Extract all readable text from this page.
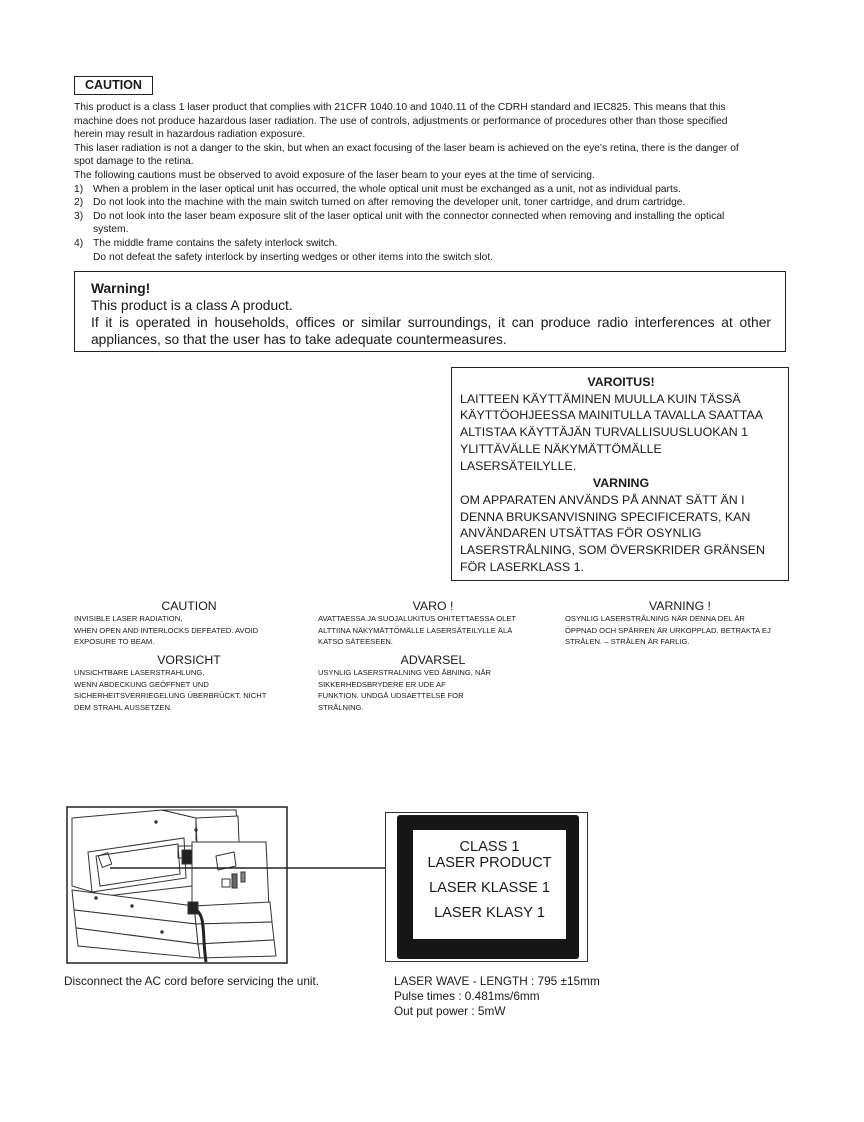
CAUTION

This product is a class 1 laser product that complies with 21CFR 1040.10 and 1040.11 of the CDRH standard and IEC825. This means that this

machine does not produce hazardous laser radiation. The use of controls, adjustments or performance of procedures other than those specified

herein may result in hazardous radiation exposure.

This laser radiation is not a danger to the skin, but when an exact focusing of the laser beam is achieved on the eye's retina, there is the danger of

spot damage to the retina.

The following cautions must be observed to avoid exposure of the laser beam to your eyes at the time of servicing.

1) When a problem in the laser optical unit has occurred, the whole optical unit must be exchanged as a unit, not as individual parts.
2) Do not look into the machine with the main switch turned on after removing the developer unit, toner cartridge, and drum cartridge.
3) Do not look into the laser beam exposure slit of the laser optical unit with the connector connected when removing and installing the optical
system.
4) The middle frame contains the safety interlock switch.
Do not defeat the safety interlock by inserting wedges or other items into the switch slot.
Warning!
This product is a class A product.
If it is operated in households, offices or similar surroundings, it can produce radio interferences at other
appliances, so that the user has to take adequate countermeasures.
VAROITUS!
LAITTEEN KÄYTTÄMINEN MUULLA KUIN TÄSSÄ
KÄYTTÖOHJEESSA MAINITULLA TAVALLA SAATTAA
ALTISTAA KÄYTTÄJÄN TURVALLISUUSLUOKAN 1
YLITTÄVÄLLE NÄKYMÄTTÖMÄLLE
LASERSÄTEILYLLE.
VARNING
OM APPARATEN ANVÄNDS PÅ ANNAT SÄTT ÄN I
DENNA BRUKSANVISNING SPECIFICERATS, KAN
ANVÄNDAREN UTSÄTTAS FÖR OSYNLIG
LASERSTRÅLNING, SOM ÖVERSKRIDER GRÄNSEN
FÖR LASERKLASS 1.
CAUTION
INVISIBLE LASER RADIATION,
WHEN OPEN AND INTERLOCKS DEFEATED. AVOID
EXPOSURE TO BEAM.
VARO !
AVATTAESSA JA SUOJALUKITUS OHITETTAESSA OLET
ALTTIINA NÄKYMÄTTÖMÄLLE LASERSÄTEILYLLE ÄLÄ
KATSO SÄTEESEEN.
VARNING !
OSYNLIG LASERSTRÅLNING NÄR DENNA DEL ÄR
ÖPPNAD OCH SPÄRREN ÄR URKOPPLAD. BETRAKTA EJ
STRÅLEN. – STRÅLEN ÄR FARLIG.
VORSICHT
UNSICHTBARE LASERSTRAHLUNG,
WENN ABDECKUNG GEÖFFNET UND
SICHERHEITSVERRIEGELUNG ÜBERBRÜCKT. NICHT
DEM STRAHL AUSSETZEN.
ADVARSEL
USYNLIG LASERSTRALNING VED ÅBNING, NÅR
SIKKERHEDSBRYDERE ER UDE AF
FUNKTION. UNDGÅ UDSAETTELSE FOR
STRÅLNING.
CLASS 1
LASER PRODUCT
LASER KLASSE 1
LASER KLASY 1
Disconnect the AC cord before servicing the unit.	LASER WAVE - LENGTH : 795 ±15mm
Pulse times : 0.481ms/6mm
Out put power : 5mW
